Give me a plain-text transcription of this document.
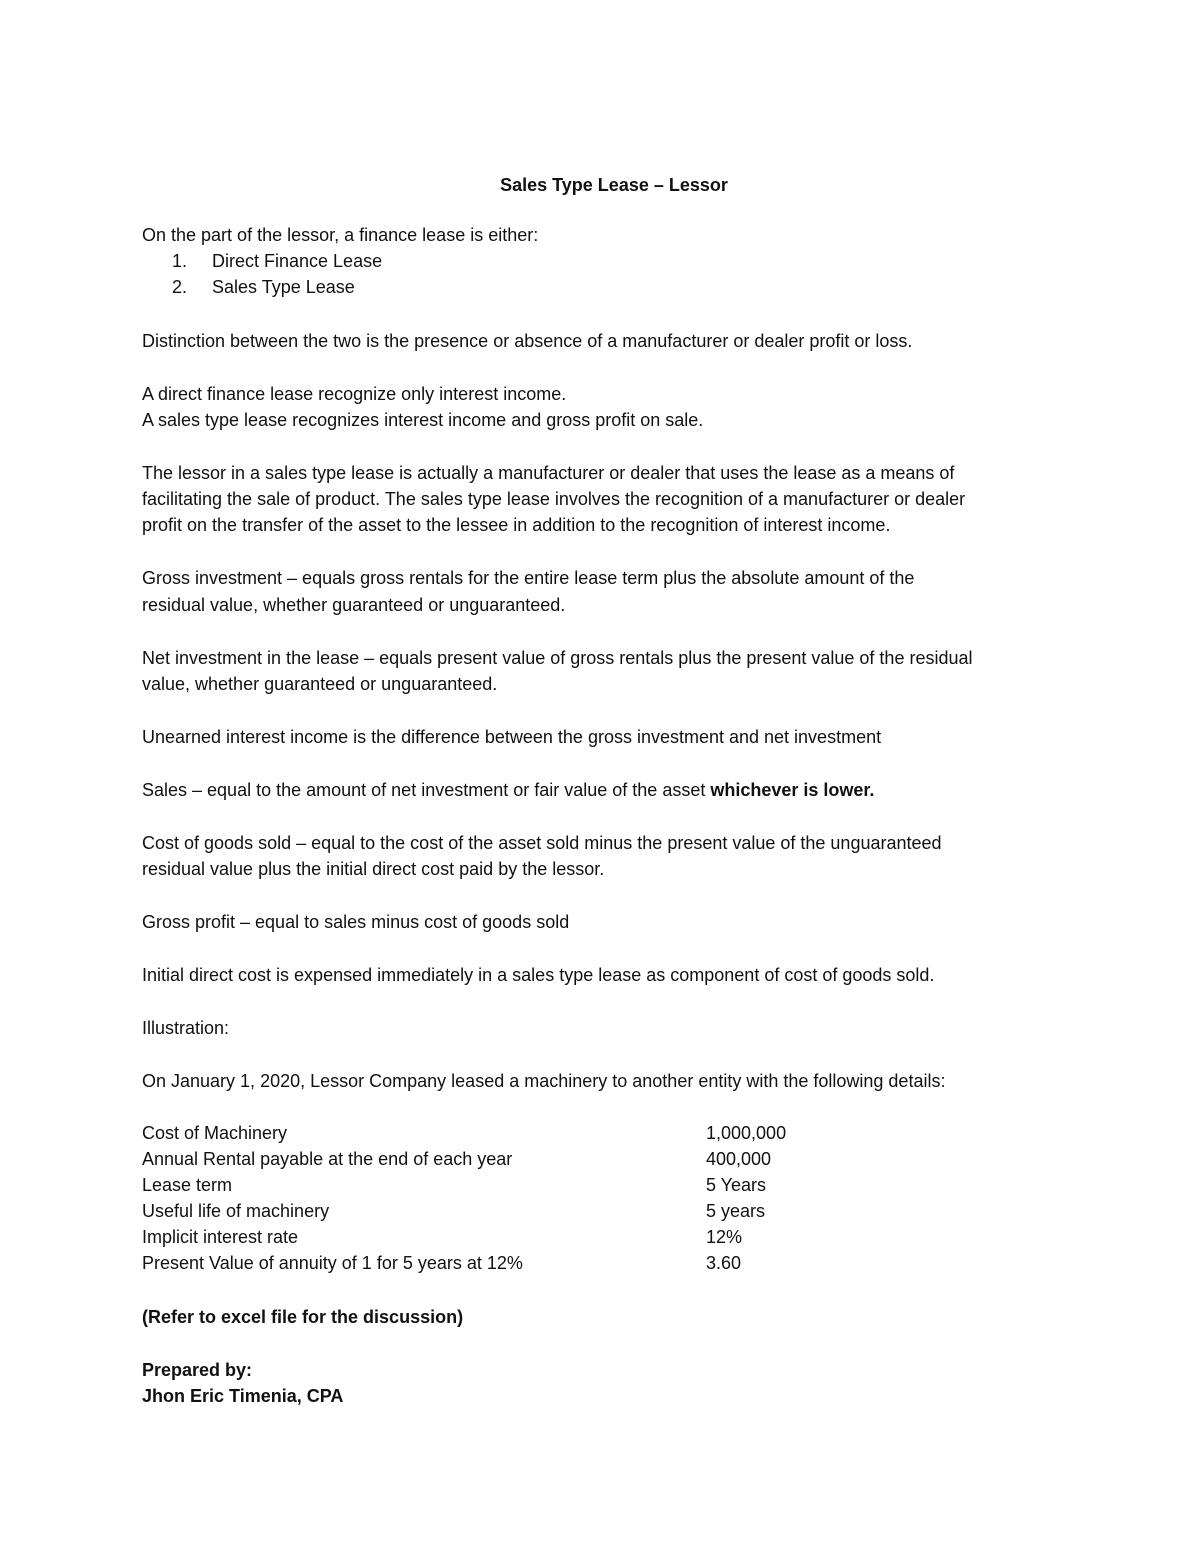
Sales Type Lease – Lessor
On the part of the lessor, a finance lease is either:
1. Direct Finance Lease
2. Sales Type Lease
Distinction between the two is the presence or absence of a manufacturer or dealer profit or loss.
A direct finance lease recognize only interest income.
A sales type lease recognizes interest income and gross profit on sale.
The lessor in a sales type lease is actually a manufacturer or dealer that uses the lease as a means of
facilitating the sale of product. The sales type lease involves the recognition of a manufacturer or dealer
profit on the transfer of the asset to the lessee in addition to the recognition of interest income.
Gross investment – equals gross rentals for the entire lease term plus the absolute amount of the
residual value, whether guaranteed or unguaranteed.
Net investment in the lease – equals present value of gross rentals plus the present value of the residual
value, whether guaranteed or unguaranteed.
Unearned interest income is the difference between the gross investment and net investment
Sales – equal to the amount of net investment or fair value of the asset whichever is lower.
Cost of goods sold – equal to the cost of the asset sold minus the present value of the unguaranteed
residual value plus the initial direct cost paid by the lessor.
Gross profit – equal to sales minus cost of goods sold
Initial direct cost is expensed immediately in a sales type lease as component of cost of goods sold.
Illustration:
On January 1, 2020, Lessor Company leased a machinery to another entity with the following details:
Cost of Machinery	1,000,000
Annual Rental payable at the end of each year	400,000
Lease term	5 Years
Useful life of machinery	5 years
Implicit interest rate	12%
Present Value of annuity of 1 for 5 years at 12%	3.60
(Refer to excel file for the discussion)
Prepared by:
Jhon Eric Timenia, CPA
